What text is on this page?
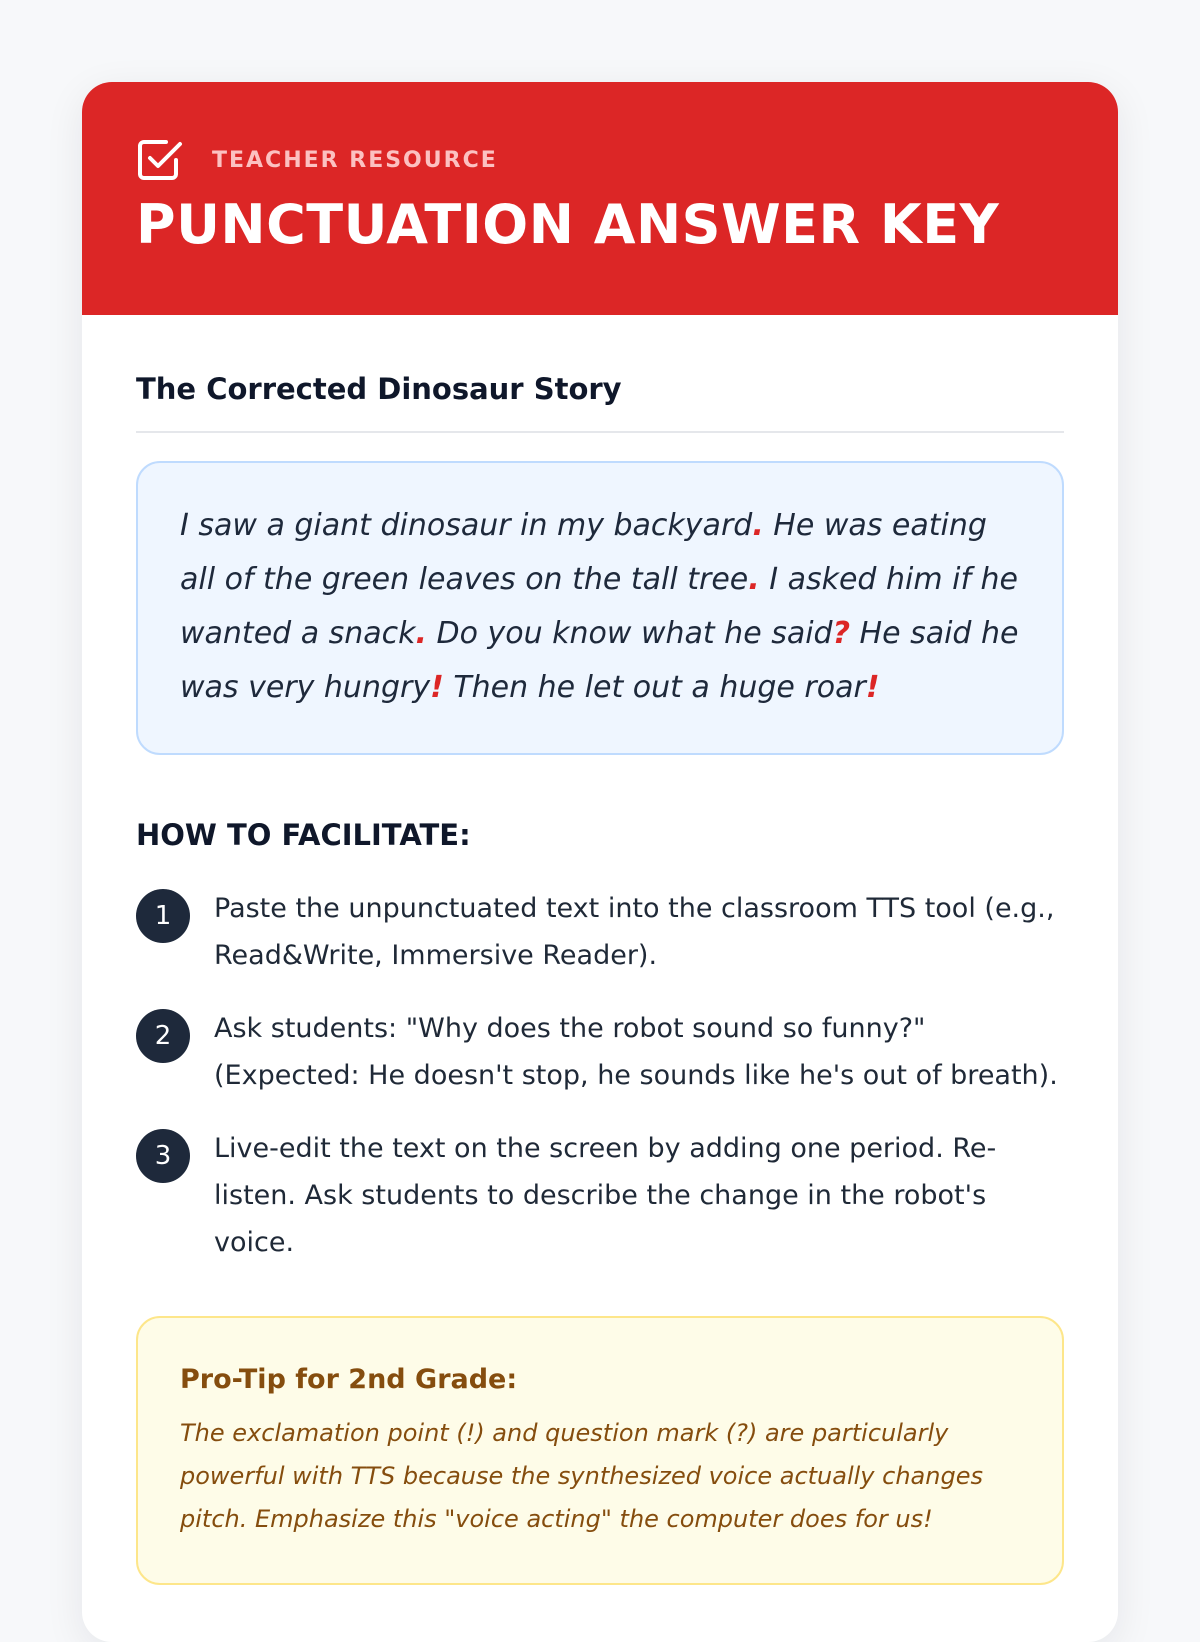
TEACHER RESOURCE
PUNCTUATION ANSWER KEY
The Corrected Dinosaur Story

I saw a giant dinosaur in my backyard. He was eating all of the green leaves on the tall tree. I asked him if he wanted a snack. Do you know what he said? He said he was very hungry! Then he let out a huge roar!

HOW TO FACILITATE:
1	Paste the unpunctuated text into the classroom TTS tool (e.g., Read&Write, Immersive Reader).
2	Ask students: "Why does the robot sound so funny?" (Expected: He doesn't stop, he sounds like he's out of breath).
3	Live-edit the text on the screen by adding one period. Re-listen. Ask students to describe the change in the robot's voice.
Pro-Tip for 2nd Grade:

The exclamation point (!) and question mark (?) are particularly powerful with TTS because the synthesized voice actually changes pitch. Emphasize this "voice acting" the computer does for us!
